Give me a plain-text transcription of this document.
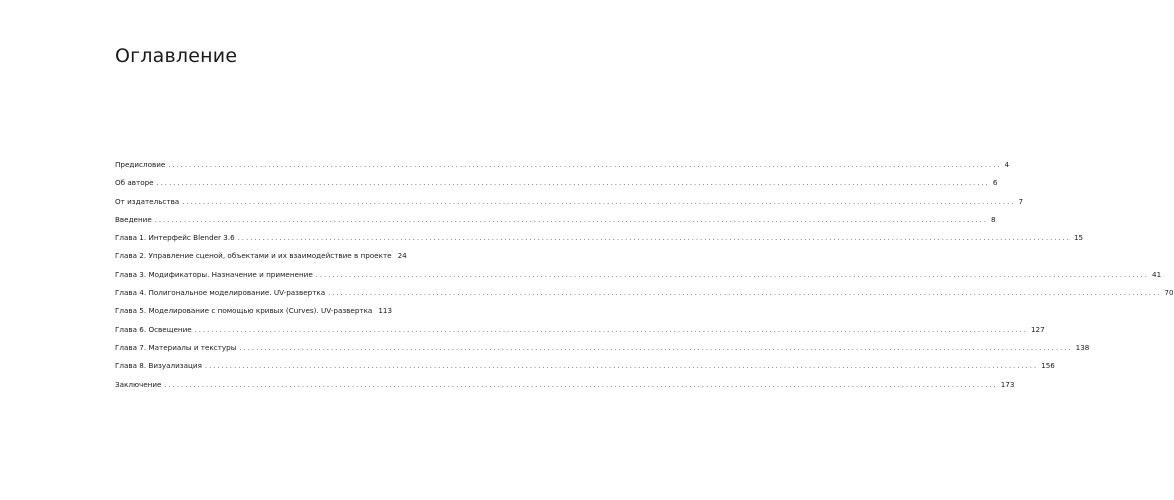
Оглавление
Предисловие ........................................................................................................................................................................................................ 4
Об авторе ........................................................................................................................................................................................................ 6
От издательства ........................................................................................................................................................................................................ 7
Введение ........................................................................................................................................................................................................ 8
Глава 1. Интерфейс Blender 3.6 ........................................................................................................................................................................................................ 15
Глава 2. Управление сценой, объектами и их взаимодействие в проекте 24
Глава 3. Модификаторы. Назначение и применение ........................................................................................................................................................................................................ 41
Глава 4. Полигональное моделирование. UV-развертка ........................................................................................................................................................................................................ 70
Глава 5. Моделирование с помощью кривых (Curves). UV-развертка 113
Глава 6. Освещение ........................................................................................................................................................................................................ 127
Глава 7. Материалы и текстуры ........................................................................................................................................................................................................ 138
Глава 8. Визуализация ........................................................................................................................................................................................................ 156
Заключение ........................................................................................................................................................................................................ 173
